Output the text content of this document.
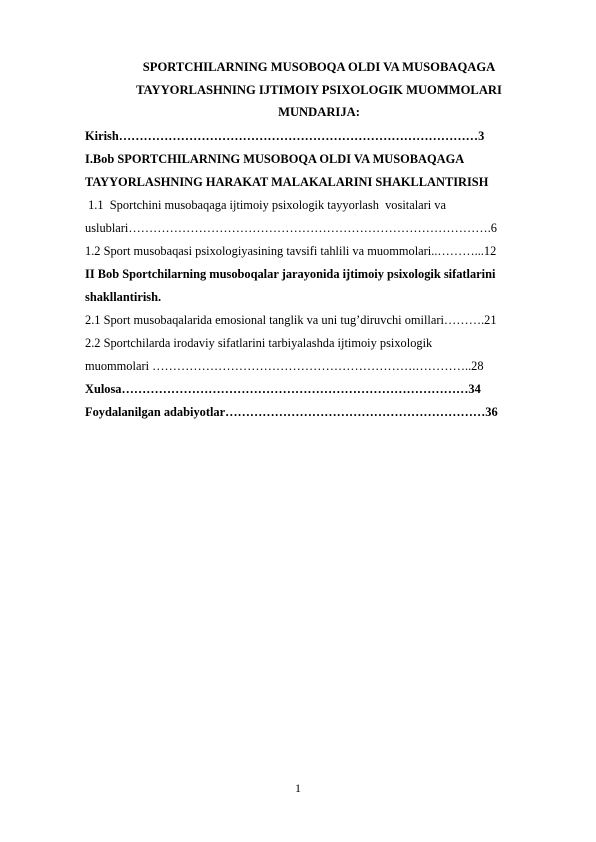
SPORTCHILARNING MUSOBOQA OLDI VA MUSOBAQAGA
TAYYORLASHNING IJTIMOIY PSIXOLOGIK MUOMMOLARI
MUNDARIJA:
Kirish……………………………………………………………………………3
I.Bob SPORTCHILARNING MUSOBOQA OLDI VA MUSOBAQAGA
TAYYORLASHNING HARAKAT MALAKALARINI SHAKLLANTIRISH
1.1  Sportchini musobaqaga ijtimoiy psixologik tayyorlash  vositalari va
uslublari…………………………………………………………………………….6
1.2 Sport musobaqasi psixologiyasining tavsifi tahlili va muommolari..………...12
II Bob Sportchilarning musoboqalar jarayonida ijtimoiy psixologik sifatlarini
shakllantirish.
2.1 Sport musobaqalarida emosional tanglik va uni tug’diruvchi omillari……….21
2.2 Sportchilarda irodaviy sifatlarini tarbiyalashda ijtimoiy psixologik
muommolari ……………………………………………………….…………..28
Xulosa…………………………………………………………………………34
Foydalanilgan adabiyotlar………………………………………………………36
1
